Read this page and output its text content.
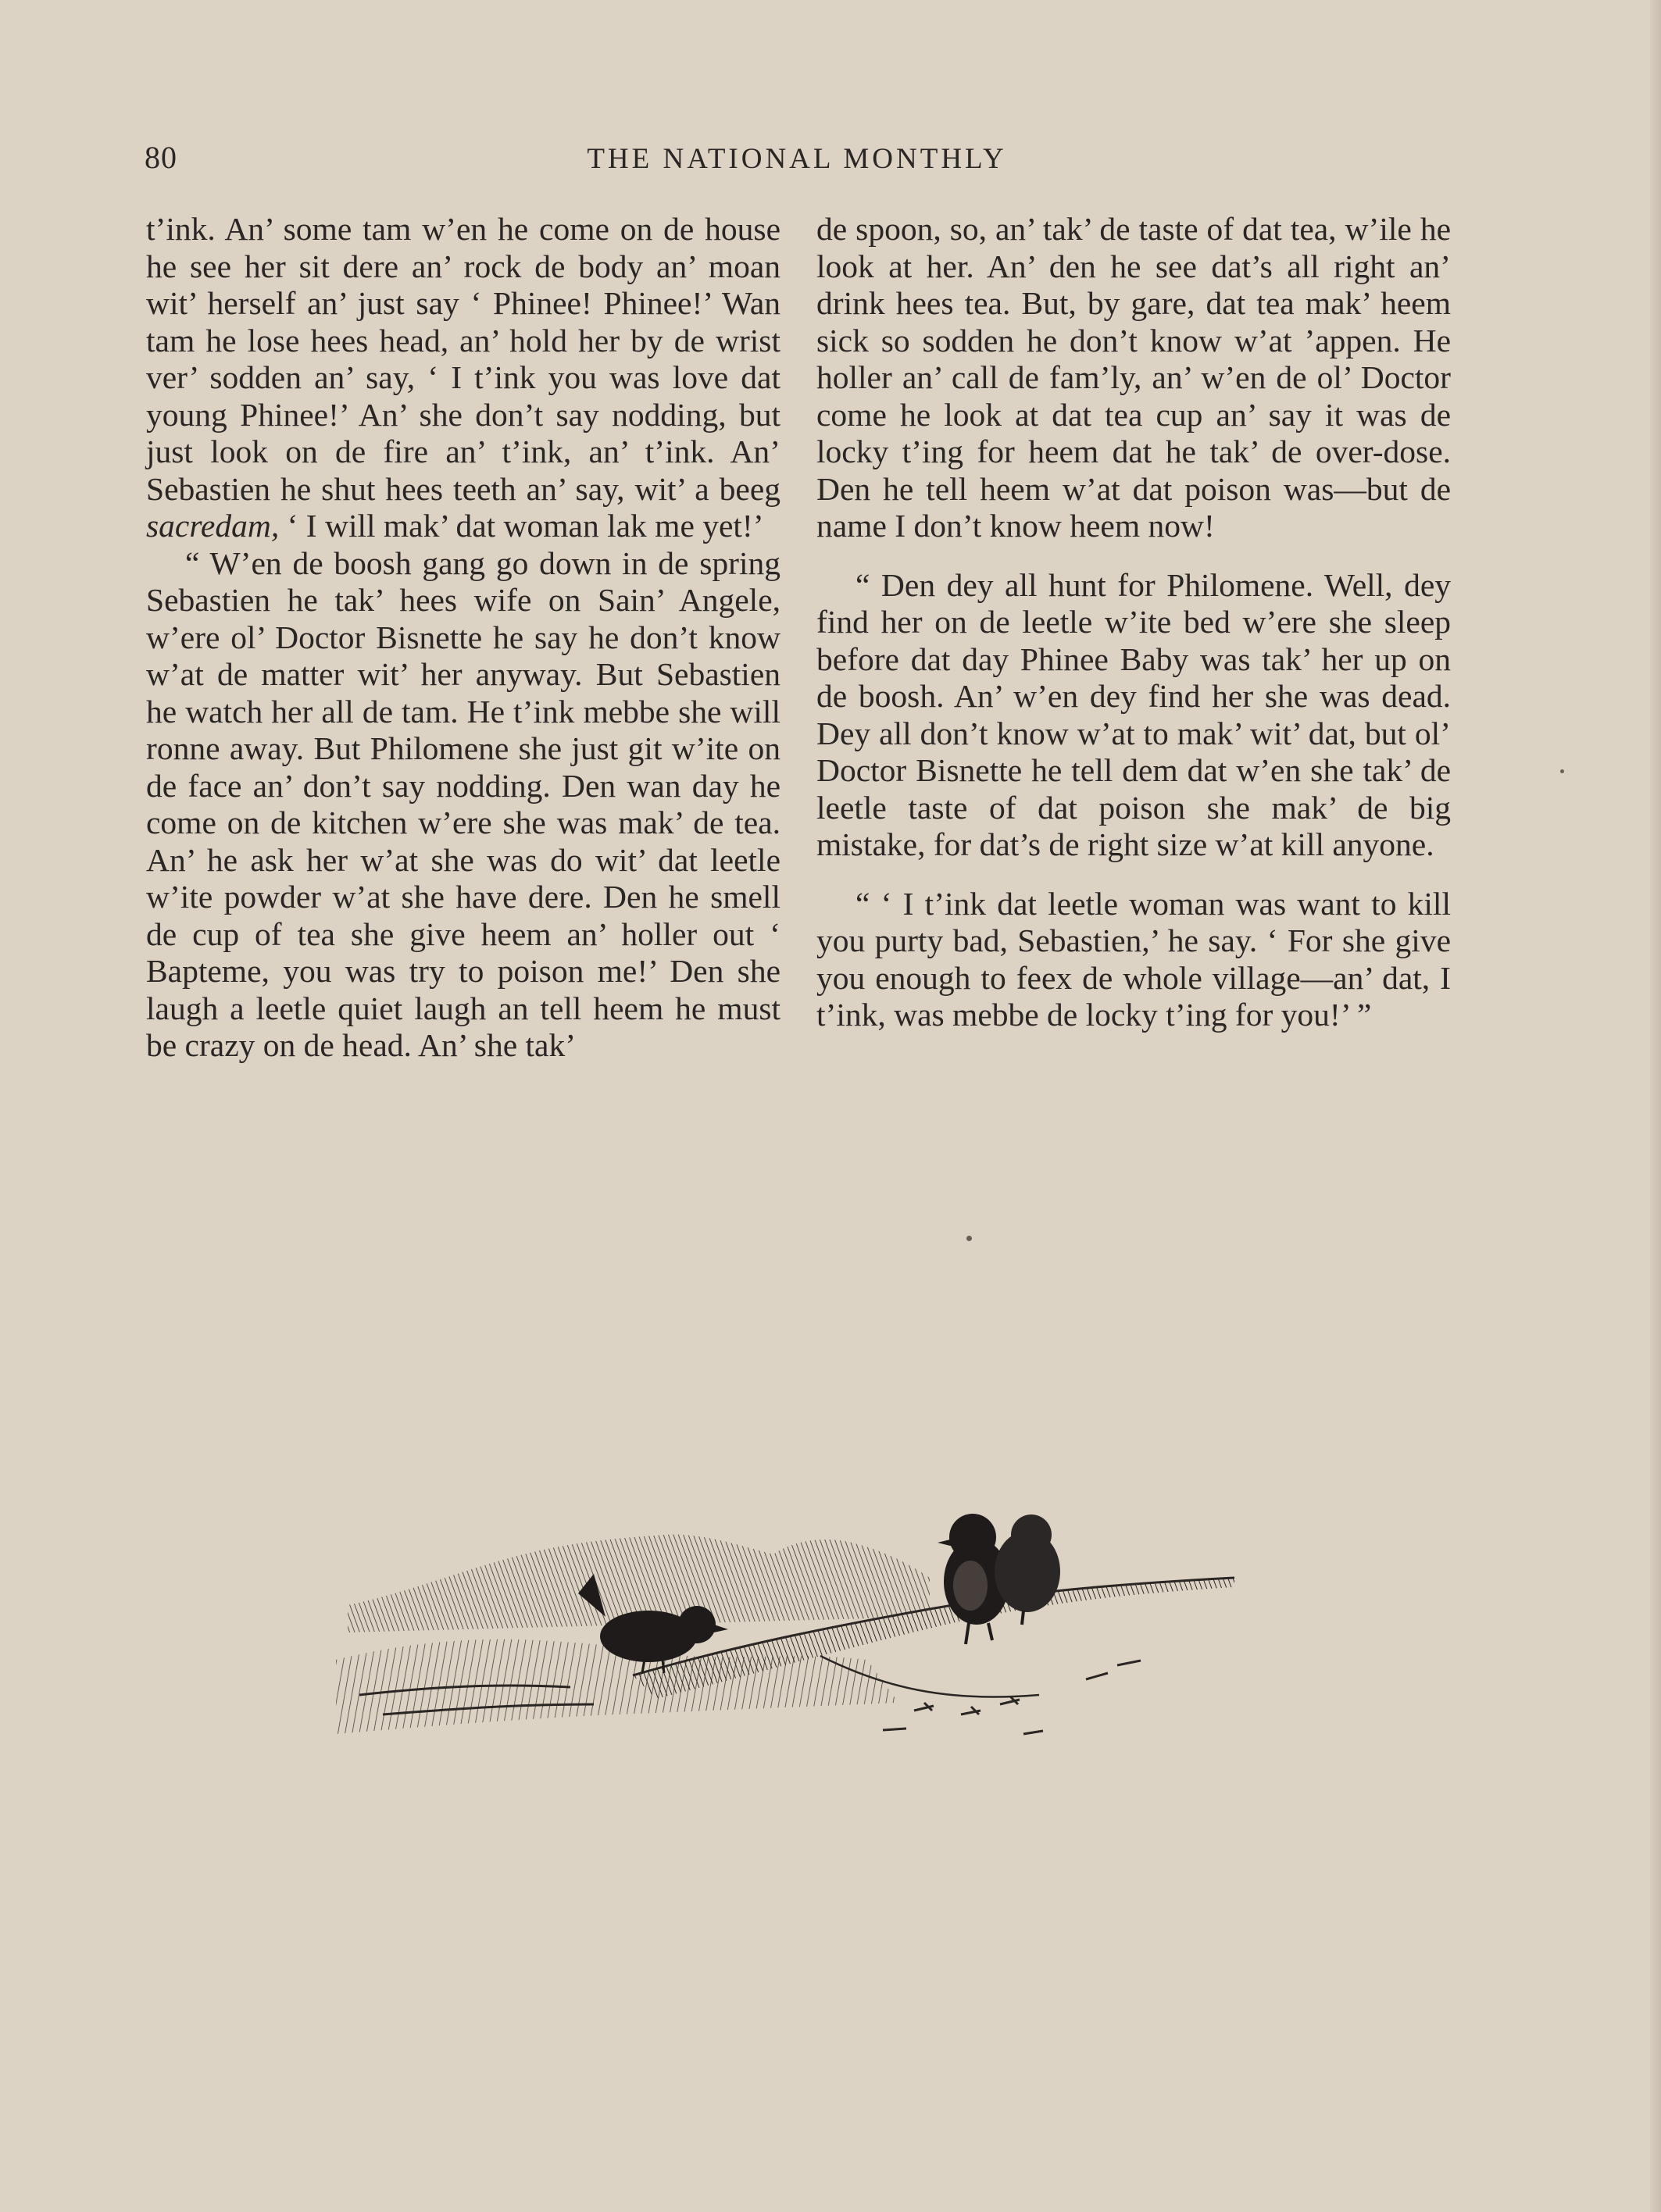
80	THE NATIONAL MONTHLY

t’ink. An’ some tam w’en he come on de house he see her sit dere an’ rock de body an’ moan wit’ herself an’ just say ‘ Phinee! Phinee!’ Wan tam he lose hees head, an’ hold her by de wrist ver’ sodden an’ say, ‘ I t’ink you was love dat young Phinee!’ An’ she don’t say nodding, but just look on de fire an’ t’ink, an’ t’ink. An’ Sebastien he shut hees teeth an’ say, wit’ a beeg sacredam, ‘ I will mak’ dat woman lak me yet!’

“ W’en de boosh gang go down in de spring Sebastien he tak’ hees wife on Sain’ Angele, w’ere ol’ Doctor Bisnette he say he don’t know w’at de matter wit’ her anyway. But Sebastien he watch her all de tam. He t’ink mebbe she will ronne away. But Philomene she just git w’ite on de face an’ don’t say nodding. Den wan day he come on de kitchen w’ere she was mak’ de tea. An’ he ask her w’at she was do wit’ dat leetle w’ite powder w’at she have dere. Den he smell de cup of tea she give heem an’ holler out ‘ Bapteme, you was try to poison me!’ Den she laugh a leetle quiet laugh an tell heem he must be crazy on de head. An’ she tak’

de spoon, so, an’ tak’ de taste of dat tea, w’ile he look at her. An’ den he see dat’s all right an’ drink hees tea. But, by gare, dat tea mak’ heem sick so sodden he don’t know w’at ’appen. He holler an’ call de fam’ly, an’ w’en de ol’ Doctor come he look at dat tea cup an’ say it was de locky t’ing for heem dat he tak’ de over-dose. Den he tell heem w’at dat poison was—but de name I don’t know heem now!

“ Den dey all hunt for Philomene. Well, dey find her on de leetle w’ite bed w’ere she sleep before dat day Phinee Baby was tak’ her up on de boosh. An’ w’en dey find her she was dead. Dey all don’t know w’at to mak’ wit’ dat, but ol’ Doctor Bisnette he tell dem dat w’en she tak’ de leetle taste of dat poison she mak’ de big mistake, for dat’s de right size w’at kill anyone.

“ ‘ I t’ink dat leetle woman was want to kill you purty bad, Sebastien,’ he say. ‘ For she give you enough to feex de whole village—an’ dat, I t’ink, was mebbe de locky t’ing for you!’ ”
